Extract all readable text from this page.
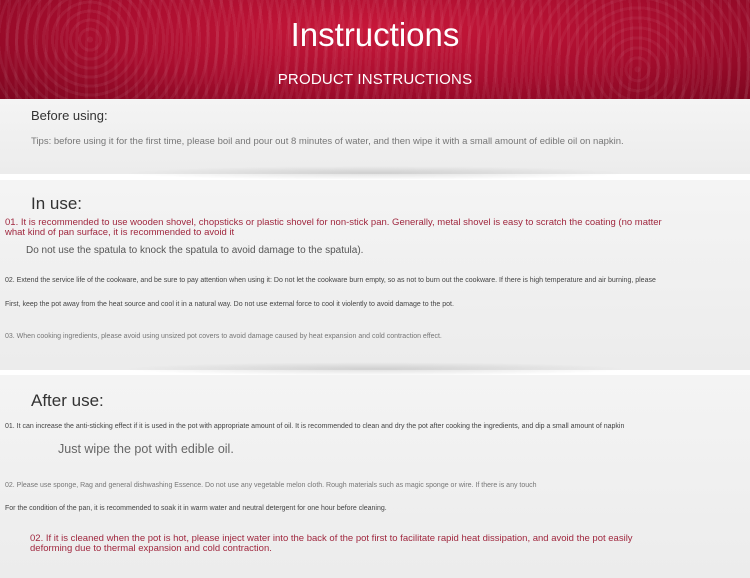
Instructions
PRODUCT INSTRUCTIONS
Before using:
Tips: before using it for the first time, please boil and pour out 8 minutes of water, and then wipe it with a small amount of edible oil on napkin.
In use:
01. It is recommended to use wooden shovel, chopsticks or plastic shovel for non-stick pan. Generally, metal shovel is easy to scratch the coating (no matter
what kind of pan surface, it is recommended to avoid it
Do not use the spatula to knock the spatula to avoid damage to the spatula).
02. Extend the service life of the cookware, and be sure to pay attention when using it: Do not let the cookware burn empty, so as not to burn out the cookware. If there is high temperature and air burning, please
First, keep the pot away from the heat source and cool it in a natural way. Do not use external force to cool it violently to avoid damage to the pot.
03. When cooking ingredients, please avoid using unsized pot covers to avoid damage caused by heat expansion and cold contraction effect.
After use:
01. It can increase the anti-sticking effect if it is used in the pot with appropriate amount of oil. It is recommended to clean and dry the pot after cooking the ingredients, and dip a small amount of napkin
Just wipe the pot with edible oil.
02. Please use sponge, Rag and general dishwashing Essence. Do not use any vegetable melon cloth. Rough materials such as magic sponge or wire. If there is any touch
For the condition of the pan, it is recommended to soak it in warm water and neutral detergent for one hour before cleaning.
02. If it is cleaned when the pot is hot, please inject water into the back of the pot first to facilitate rapid heat dissipation, and avoid the pot easily
deforming due to thermal expansion and cold contraction.
